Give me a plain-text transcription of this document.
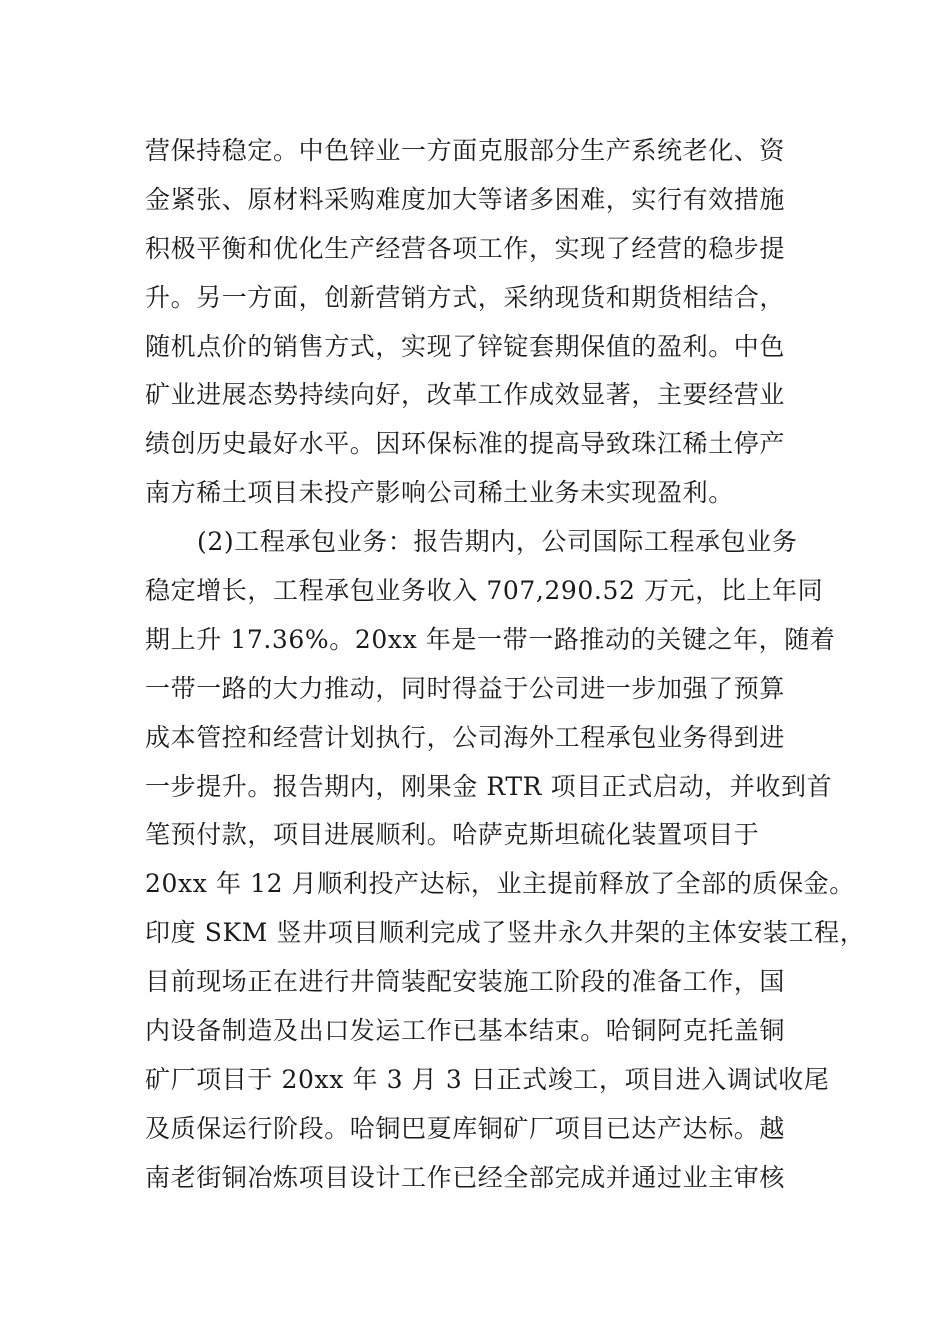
营保持稳定。中色锌业一方面克服部分生产系统老化、资
金紧张、原材料采购难度加大等诸多困难，实行有效措施
积极平衡和优化生产经营各项工作，实现了经营的稳步提
升。另一方面，创新营销方式，采纳现货和期货相结合，
随机点价的销售方式，实现了锌锭套期保值的盈利。中色
矿业进展态势持续向好，改革工作成效显著，主要经营业
绩创历史最好水平。因环保标准的提高导致珠江稀土停产
南方稀土项目未投产影响公司稀土业务未实现盈利。
(2)工程承包业务：报告期内，公司国际工程承包业务
稳定增长，工程承包业务收入 707,290.52 万元，比上年同
期上升 17.36%。20xx 年是一带一路推动的关键之年，随着
一带一路的大力推动，同时得益于公司进一步加强了预算
成本管控和经营计划执行，公司海外工程承包业务得到进
一步提升。报告期内，刚果金 RTR 项目正式启动，并收到首
笔预付款，项目进展顺利。哈萨克斯坦硫化装置项目于
20xx 年 12 月顺利投产达标，业主提前释放了全部的质保金。
印度 SKM 竖井项目顺利完成了竖井永久井架的主体安装工程，
目前现场正在进行井筒装配安装施工阶段的准备工作，国
内设备制造及出口发运工作已基本结束。哈铜阿克托盖铜
矿厂项目于 20xx 年 3 月 3 日正式竣工，项目进入调试收尾
及质保运行阶段。哈铜巴夏库铜矿厂项目已达产达标。越
南老街铜冶炼项目设计工作已经全部完成并通过业主审核
